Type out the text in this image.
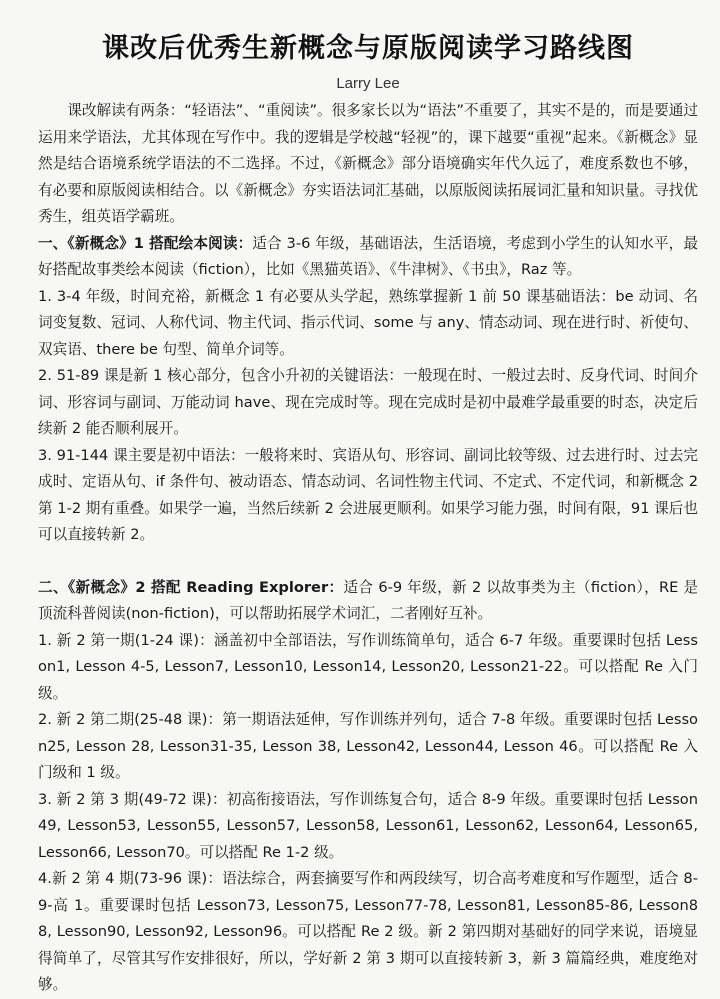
课改后优秀生新概念与原版阅读学习路线图
Larry Lee

课改解读有两条：“轻语法”、“重阅读”。很多家长以为“语法”不重要了，其实不是的，而是要通过运用来学语法，尤其体现在写作中。我的逻辑是学校越“轻视”的，课下越要“重视”起来。《新概念》显然是结合语境系统学语法的不二选择。不过，《新概念》部分语境确实年代久远了，难度系数也不够，有必要和原版阅读相结合。以《新概念》夯实语法词汇基础，以原版阅读拓展词汇量和知识量。寻找优秀生，组英语学霸班。

一、《新概念》1 搭配绘本阅读：适合 3-6 年级，基础语法，生活语境，考虑到小学生的认知水平，最好搭配故事类绘本阅读（fiction），比如《黑猫英语》、《牛津树》、《书虫》，Raz 等。

1. 3-4 年级，时间充裕，新概念 1 有必要从头学起，熟练掌握新 1 前 50 课基础语法：be 动词、名词变复数、冠词、人称代词、物主代词、指示代词、some 与 any、情态动词、现在进行时、祈使句、双宾语、there be 句型、简单介词等。

2. 51-89 课是新 1 核心部分，包含小升初的关键语法：一般现在时、一般过去时、反身代词、时间介词、形容词与副词、万能动词 have、现在完成时等。现在完成时是初中最难学最重要的时态，决定后续新 2 能否顺利展开。

3. 91-144 课主要是初中语法：一般将来时、宾语从句、形容词、副词比较等级、过去进行时、过去完成时、定语从句、if 条件句、被动语态、情态动词、名词性物主代词、不定式、不定代词，和新概念 2 第 1-2 期有重叠。如果学一遍，当然后续新 2 会进展更顺利。如果学习能力强，时间有限，91 课后也可以直接转新 2。

二、《新概念》2 搭配 Reading Explorer：适合 6-9 年级，新 2 以故事类为主（fiction），RE 是顶流科普阅读(non-fiction)，可以帮助拓展学术词汇，二者刚好互补。

1. 新 2 第一期(1-24 课)：涵盖初中全部语法，写作训练简单句，适合 6-7 年级。重要课时包括 Lesson1, Lesson 4-5, Lesson7, Lesson10, Lesson14, Lesson20, Lesson21-22。可以搭配 Re 入门级。

2. 新 2 第二期(25-48 课)：第一期语法延伸，写作训练并列句，适合 7-8 年级。重要课时包括 Lesson25, Lesson 28, Lesson31-35, Lesson 38, Lesson42, Lesson44, Lesson 46。可以搭配 Re 入门级和 1 级。

3. 新 2 第 3 期(49-72 课)：初高衔接语法，写作训练复合句，适合 8-9 年级。重要课时包括 Lesson49, Lesson53, Lesson55, Lesson57, Lesson58, Lesson61, Lesson62, Lesson64, Lesson65, Lesson66, Lesson70。可以搭配 Re 1-2 级。

4.新 2 第 4 期(73-96 课)：语法综合，两套摘要写作和两段续写，切合高考难度和写作题型，适合 8-9-高 1。重要课时包括 Lesson73, Lesson75, Lesson77-78, Lesson81, Lesson85-86, Lesson88, Lesson90, Lesson92, Lesson96。可以搭配 Re 2 级。新 2 第四期对基础好的同学来说，语境显得简单了，尽管其写作安排很好，所以，学好新 2 第 3 期可以直接转新 3，新 3 篇篇经典，难度绝对够。
